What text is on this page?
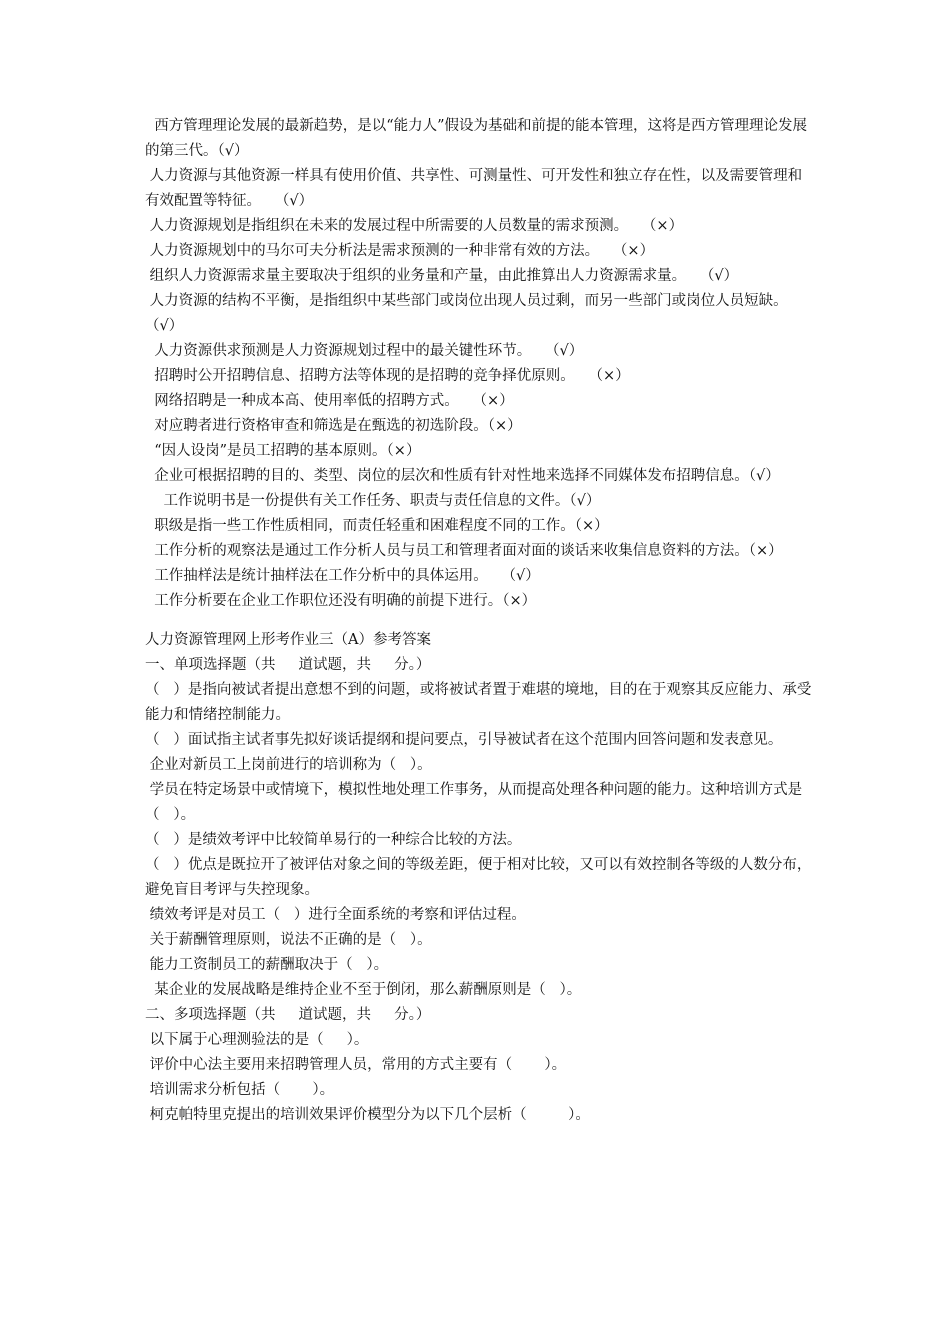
西方管理理论发展的最新趋势，是以“能力人”假设为基础和前提的能本管理，这将是西方管理理论发展的第三代。（√）
人力资源与其他资源一样具有使用价值、共享性、可测量性、可开发性和独立存在性，以及需要管理和有效配置等特征。   （√）
人力资源规划是指组织在未来的发展过程中所需要的人员数量的需求预测。   （×）
人力资源规划中的马尔可夫分析法是需求预测的一种非常有效的方法。   （×）
组织人力资源需求量主要取决于组织的业务量和产量，由此推算出人力资源需求量。   （√）
人力资源的结构不平衡，是指组织中某些部门或岗位出现人员过剩，而另一些部门或岗位人员短缺。   （√）
人力资源供求预测是人力资源规划过程中的最关键性环节。   （√）
招聘时公开招聘信息、招聘方法等体现的是招聘的竞争择优原则。   （×）
网络招聘是一种成本高、使用率低的招聘方式。   （×）
对应聘者进行资格审查和筛选是在甄选的初选阶段。（×）
“因人设岗”是员工招聘的基本原则。（×）
企业可根据招聘的目的、类型、岗位的层次和性质有针对性地来选择不同媒体发布招聘信息。（√）
工作说明书是一份提供有关工作任务、职责与责任信息的文件。（√）
职级是指一些工作性质相同，而责任轻重和困难程度不同的工作。（×）
工作分析的观察法是通过工作分析人员与员工和管理者面对面的谈话来收集信息资料的方法。（×）
工作抽样法是统计抽样法在工作分析中的具体运用。   （√）
工作分析要在企业工作职位还没有明确的前提下进行。（×）
人力资源管理网上形考作业三（A）参考答案
一、单项选择题（共     道试题，共     分。）
（   ）是指向被试者提出意想不到的问题，或将被试者置于难堪的境地，目的在于观察其反应能力、承受能力和情绪控制能力。
（   ）面试指主试者事先拟好谈话提纲和提问要点，引导被试者在这个范围内回答问题和发表意见。
企业对新员工上岗前进行的培训称为（   ）。
学员在特定场景中或情境下，模拟性地处理工作事务，从而提高处理各种问题的能力。这种培训方式是（   ）。
（   ）是绩效考评中比较简单易行的一种综合比较的方法。
（   ）优点是既拉开了被评估对象之间的等级差距，便于相对比较，又可以有效控制各等级的人数分布，避免盲目考评与失控现象。
绩效考评是对员工（   ）进行全面系统的考察和评估过程。
关于薪酬管理原则，说法不正确的是（   ）。
能力工资制员工的薪酬取决于（   ）。
某企业的发展战略是维持企业不至于倒闭，那么薪酬原则是（   ）。
二、多项选择题（共     道试题，共     分。）
以下属于心理测验法的是（     ）。
评价中心法主要用来招聘管理人员，常用的方式主要有（       ）。
培训需求分析包括（       ）。
柯克帕特里克提出的培训效果评价模型分为以下几个层析（         ）。
